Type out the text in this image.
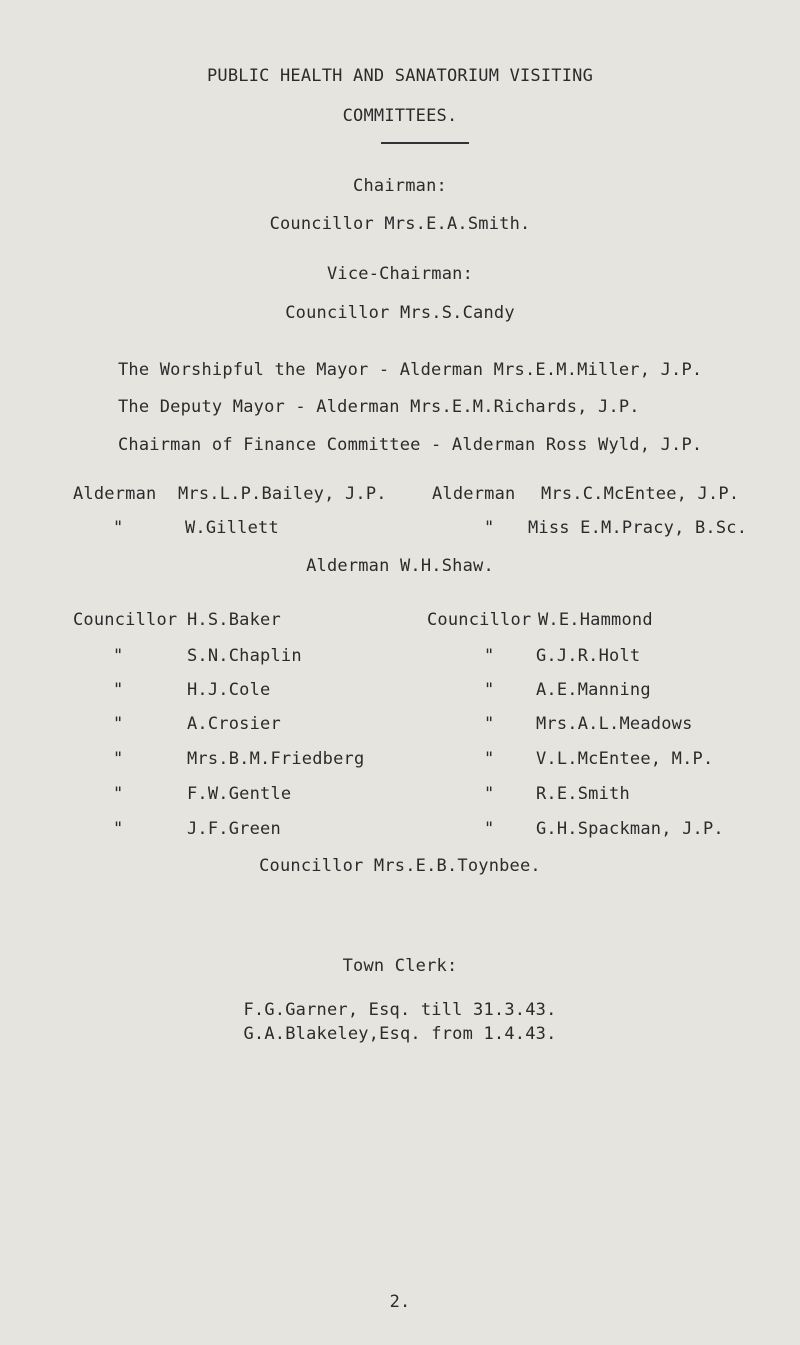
PUBLIC HEALTH AND SANATORIUM VISITING
COMMITTEES.
Chairman:
Councillor Mrs.E.A.Smith.
Vice-Chairman:
Councillor Mrs.S.Candy
The Worshipful the Mayor - Alderman Mrs.E.M.Miller, J.P.
The Deputy Mayor - Alderman Mrs.E.M.Richards, J.P.
Chairman of Finance Committee - Alderman Ross Wyld, J.P.
Alderman Mrs.L.P.Bailey, J.P.	Alderman Mrs.C.McEntee, J.P.
"	W.Gillett	" Miss E.M.Pracy, B.Sc.
Alderman W.H.Shaw.
Councillor H.S.Baker	Councillor W.E.Hammond
"	S.N.Chaplin	" G.J.R.Holt
"	H.J.Cole	" A.E.Manning
"	A.Crosier	" Mrs.A.L.Meadows
"	Mrs.B.M.Friedberg	" V.L.McEntee, M.P.
"	F.W.Gentle	" R.E.Smith
"	J.F.Green	" G.H.Spackman, J.P.
Councillor Mrs.E.B.Toynbee.
Town Clerk:
F.G.Garner, Esq. till 31.3.43.
G.A.Blakeley,Esq. from 1.4.43.
2.
